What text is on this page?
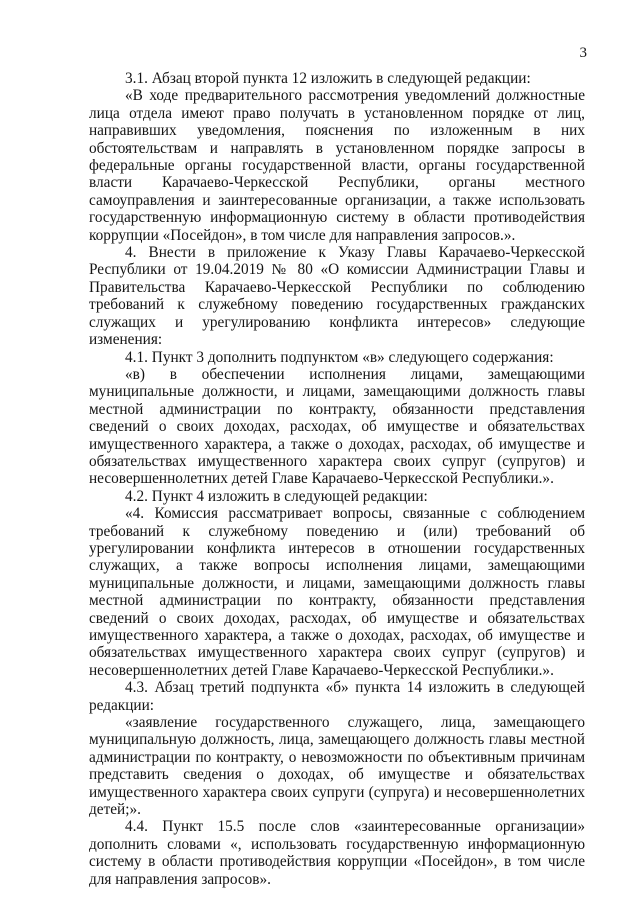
3

3.1. Абзац второй пункта 12 изложить в следующей редакции:

«В ходе предварительного рассмотрения уведомлений должностные лица отдела имеют право получать в установленном порядке от лиц, направивших уведомления, пояснения по изложенным в них обстоятельствам и направлять в установленном порядке запросы в федеральные органы государственной власти, органы государственной власти Карачаево-Черкесской Республики, органы местного самоуправления и заинтересованные организации, а также использовать государственную информационную систему в области противодействия коррупции «Посейдон», в том числе для направления запросов.».

4. Внести в приложение к Указу Главы Карачаево-Черкесской Республики от 19.04.2019 № 80 «О комиссии Администрации Главы и Правительства Карачаево-Черкесской Республики по соблюдению требований к служебному поведению государственных гражданских служащих и урегулированию конфликта интересов» следующие изменения:

4.1. Пункт 3 дополнить подпунктом «в» следующего содержания:

«в) в обеспечении исполнения лицами, замещающими муниципальные должности, и лицами, замещающими должность главы местной администрации по контракту, обязанности представления сведений о своих доходах, расходах, об имуществе и обязательствах имущественного характера, а также о доходах, расходах, об имуществе и обязательствах имущественного характера своих супруг (супругов) и несовершеннолетних детей Главе Карачаево-Черкесской Республики.».

4.2. Пункт 4 изложить в следующей редакции:

«4. Комиссия рассматривает вопросы, связанные с соблюдением требований к служебному поведению и (или) требований об урегулировании конфликта интересов в отношении государственных служащих, а также вопросы исполнения лицами, замещающими муниципальные должности, и лицами, замещающими должность главы местной администрации по контракту, обязанности представления сведений о своих доходах, расходах, об имуществе и обязательствах имущественного характера, а также о доходах, расходах, об имуществе и обязательствах имущественного характера своих супруг (супругов) и несовершеннолетних детей Главе Карачаево-Черкесской Республики.».

4.3. Абзац третий подпункта «б» пункта 14 изложить в следующей редакции:

«заявление государственного служащего, лица, замещающего муниципальную должность, лица, замещающего должность главы местной администрации по контракту, о невозможности по объективным причинам представить сведения о доходах, об имуществе и обязательствах имущественного характера своих супруги (супруга) и несовершеннолетних детей;».

4.4. Пункт 15.5 после слов «заинтересованные организации» дополнить словами «, использовать государственную информационную систему в области противодействия коррупции «Посейдон», в том числе для направления запросов».
